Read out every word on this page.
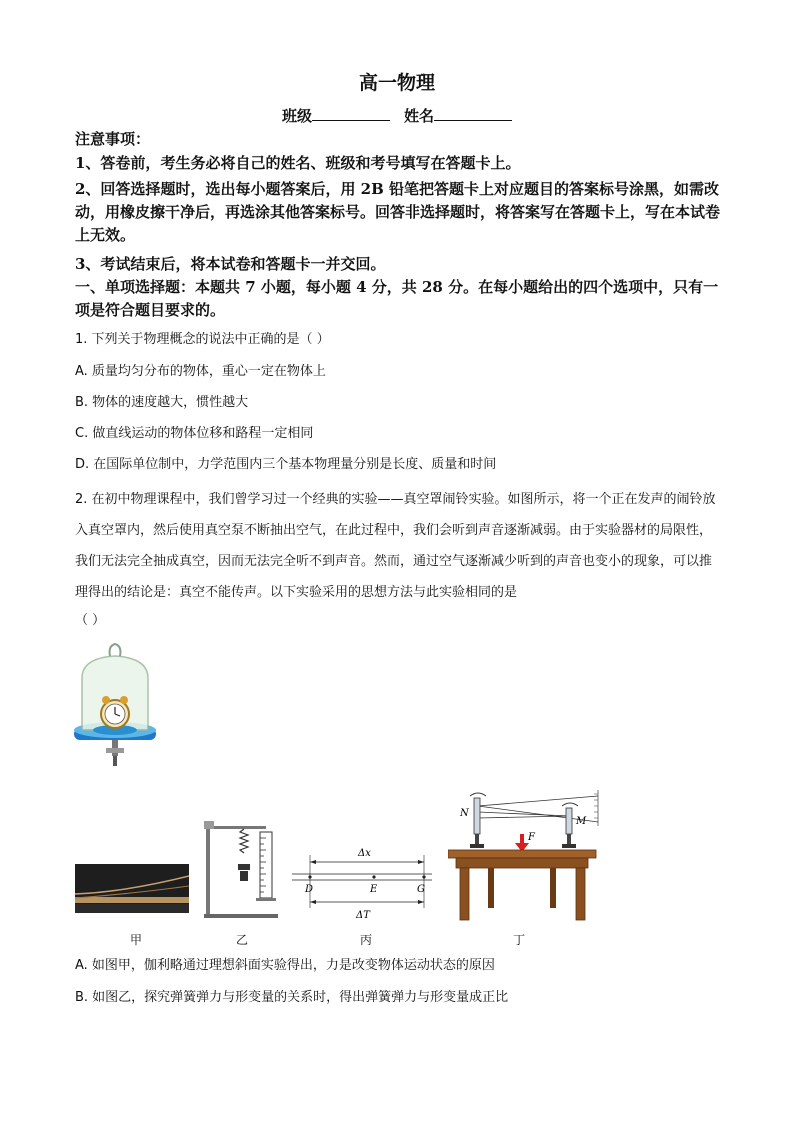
高一物理
班级	姓名
注意事项：
1、答卷前，考生务必将自己的姓名、班级和考号填写在答题卡上。
2、回答选择题时，选出每小题答案后，用 2B 铅笔把答题卡上对应题目的答案标号涂黑，如需改动，用橡皮擦干净后，再选涂其他答案标号。回答非选择题时，将答案写在答题卡上，写在本试卷上无效。
3、考试结束后，将本试卷和答题卡一并交回。
一、单项选择题：本题共 7 小题，每小题 4 分，共 28 分。在每小题给出的四个选项中，只有一项是符合题目要求的。
1. 下列关于物理概念的说法中正确的是（ ）
A. 质量均匀分布的物体，重心一定在物体上
B. 物体的速度越大，惯性越大
C. 做直线运动的物体位移和路程一定相同
D. 在国际单位制中，力学范围内三个基本物理量分别是长度、质量和时间
2. 在初中物理课程中，我们曾学习过一个经典的实验——真空罩闹铃实验。如图所示，将一个正在发声的闹铃放入真空罩内，然后使用真空泵不断抽出空气，在此过程中，我们会听到声音逐渐减弱。由于实验器材的局限性，我们无法完全抽成真空，因而无法完全听不到声音。然而，通过空气逐渐减少听到的声音也变小的现象，可以推理得出的结论是：真空不能传声。以下实验采用的思想方法与此实验相同的是
（ ）
Δx
D	E	G
ΔT
N
M
F
甲	乙	丙	丁
A. 如图甲，伽利略通过理想斜面实验得出，力是改变物体运动状态的原因
B. 如图乙，探究弹簧弹力与形变量的关系时，得出弹簧弹力与形变量成正比
